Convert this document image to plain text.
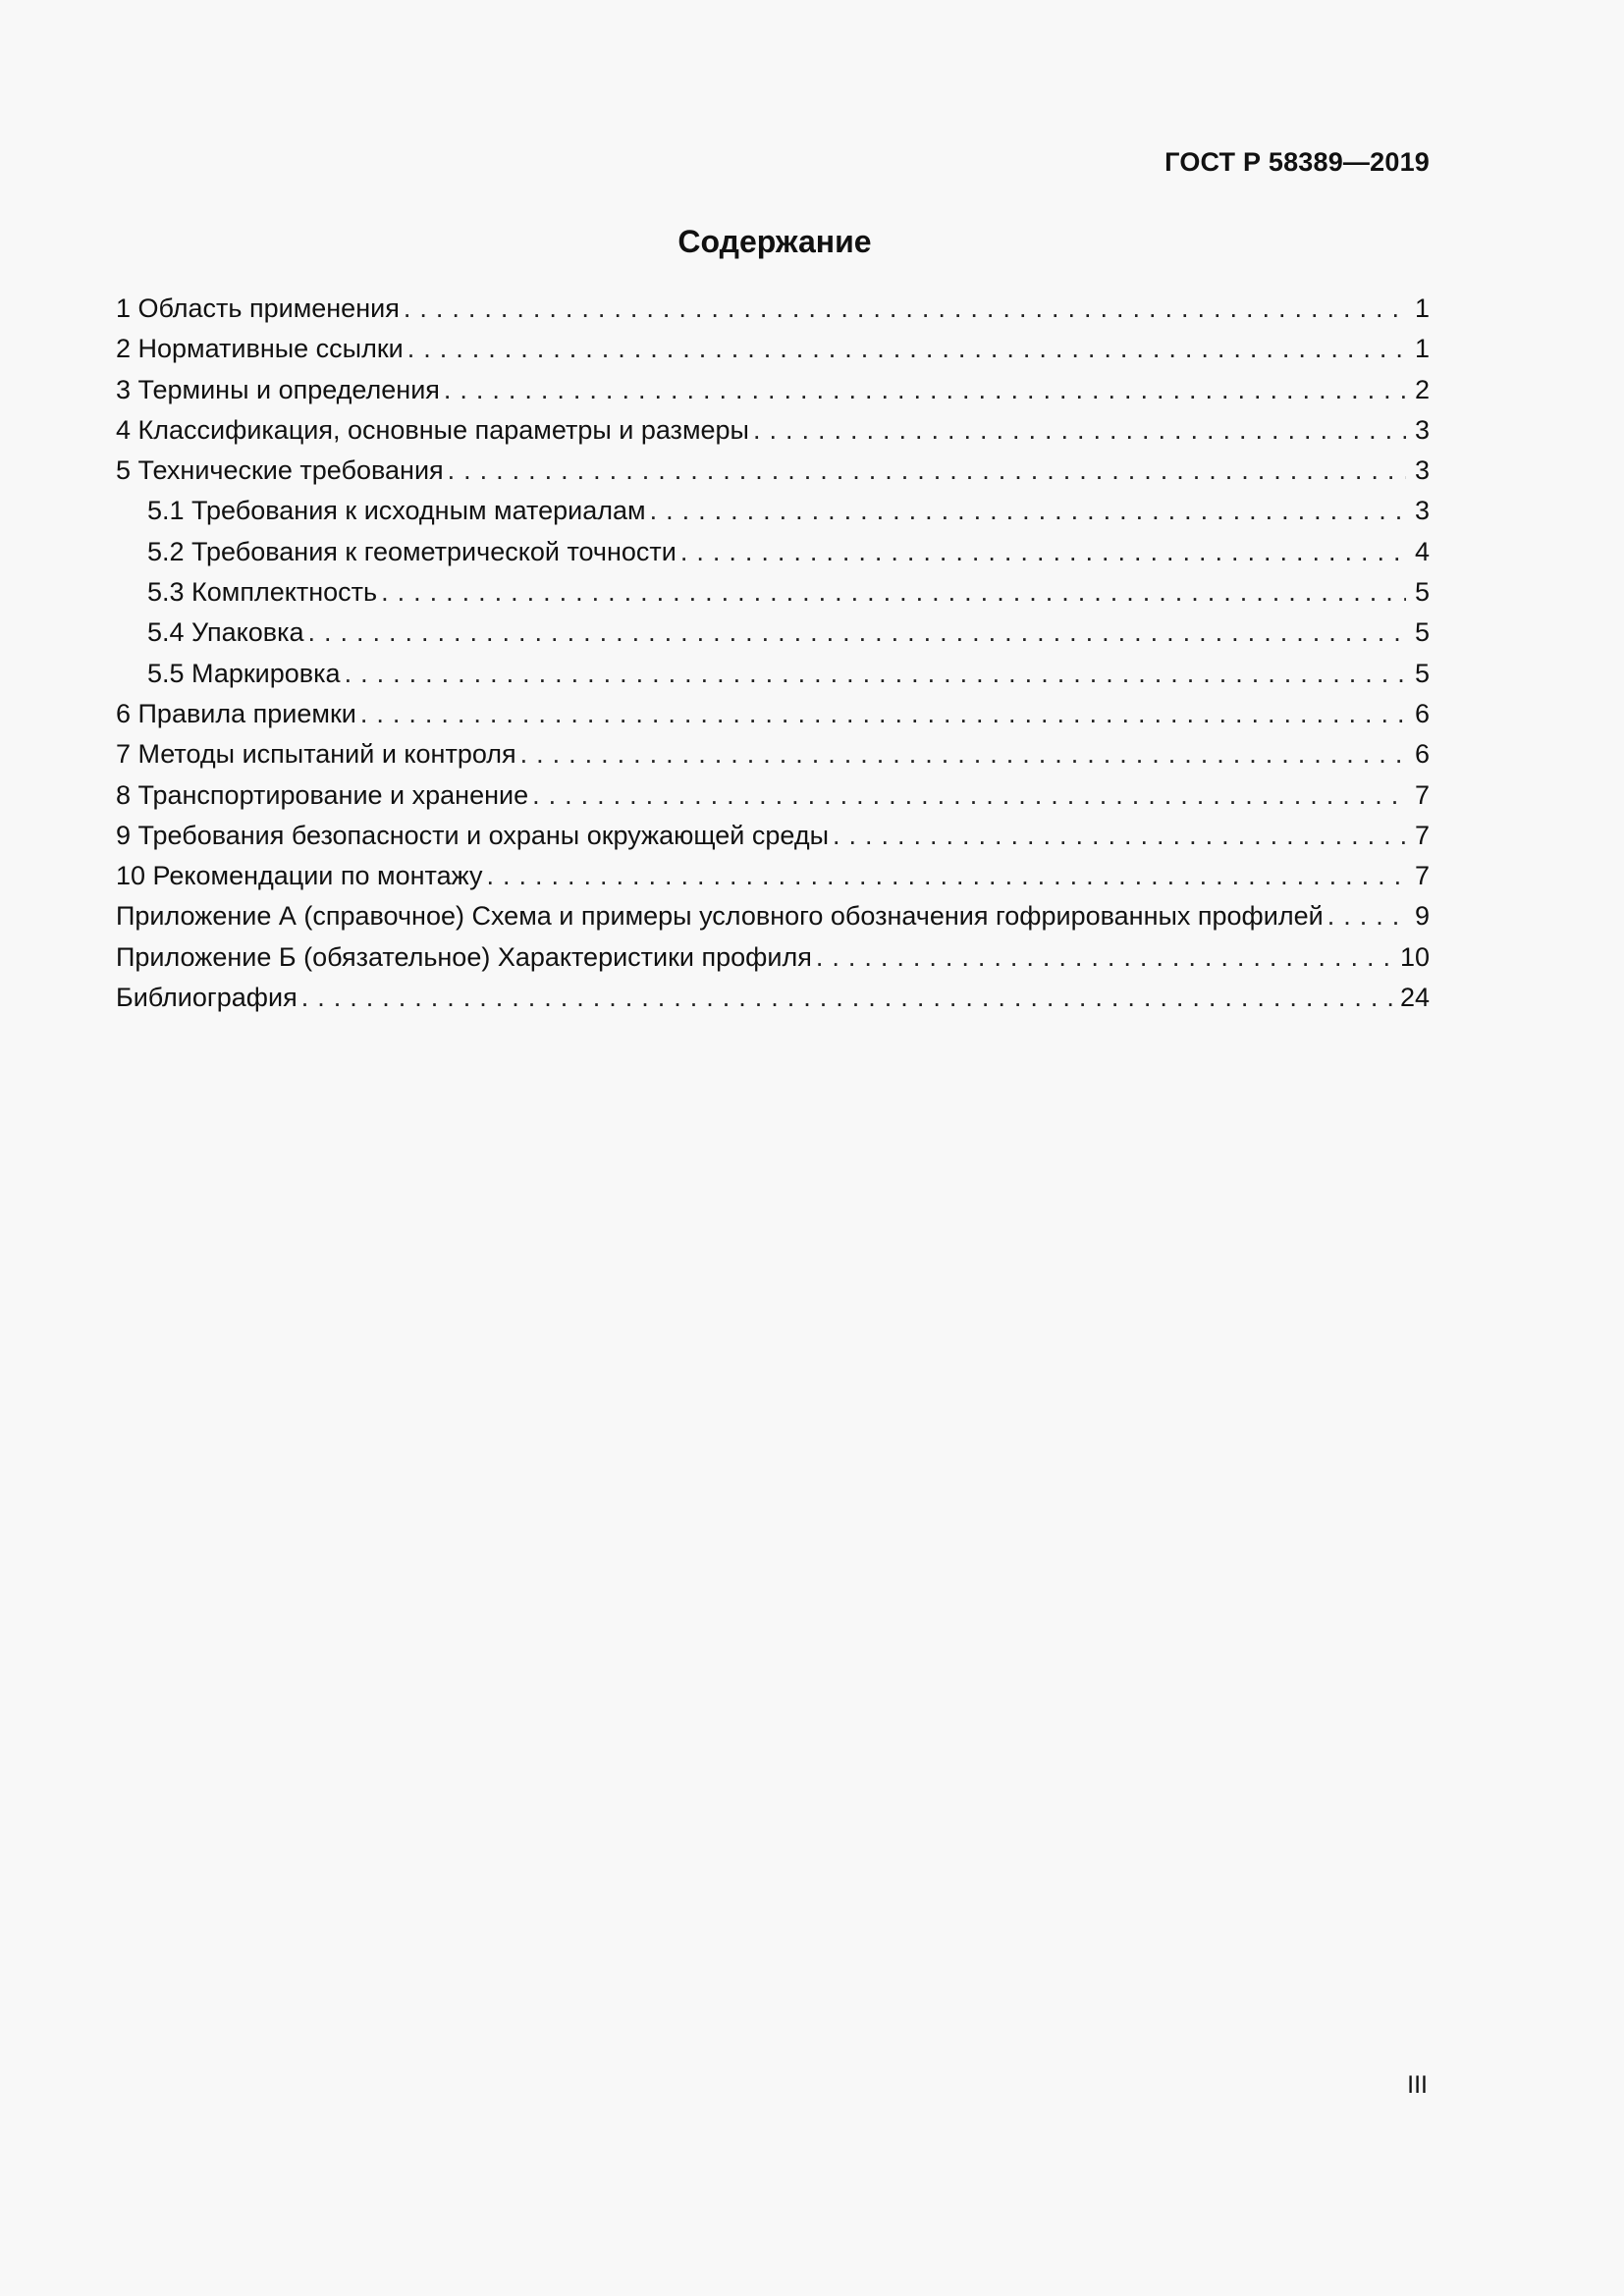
ГОСТ Р 58389—2019
Содержание
1 Область применения . . .	1
2 Нормативные ссылки . . .	1
3 Термины и определения . . .	2
4 Классификация, основные параметры и размеры . . .	3
5 Технические требования . . .	3
5.1 Требования к исходным материалам . . .	3
5.2 Требования к геометрической точности . . .	4
5.3 Комплектность . . .	5
5.4 Упаковка . . .	5
5.5 Маркировка . . .	5
6 Правила приемки . . .	6
7 Методы испытаний и контроля . . .	6
8 Транспортирование и хранение . . .	7
9 Требования безопасности и охраны окружающей среды . . .	7
10 Рекомендации по монтажу . . .	7
Приложение А (справочное) Схема и примеры условного обозначения гофрированных профилей . . .	9
Приложение Б (обязательное) Характеристики профиля . . .	10
Библиография . . .	24
III
